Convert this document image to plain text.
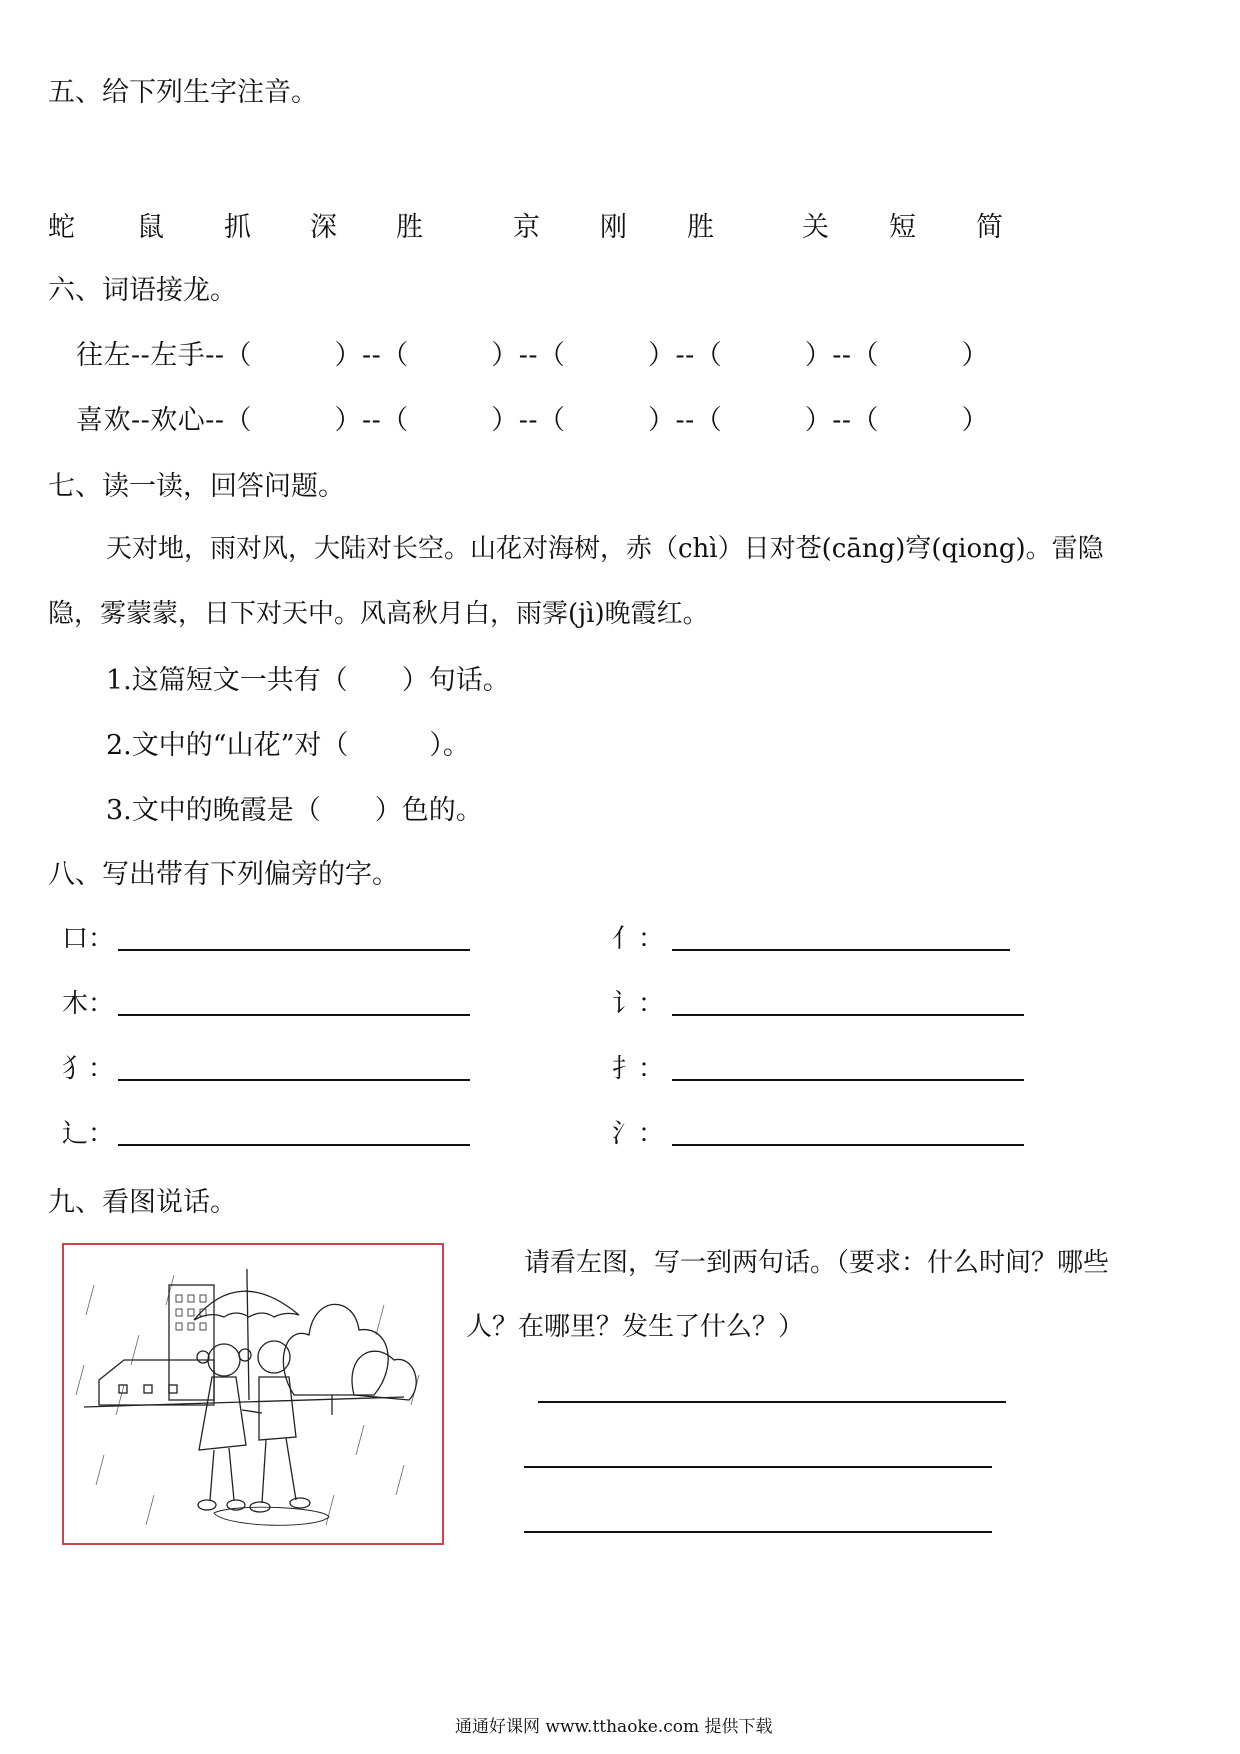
五、给下列生字注音。
蛇 鼠 抓 深 胜	京 刚 胜	关 短 简
六、词语接龙。
往左--左手--（　　　）--（　　　）--（　　　）--（　　　）--（　　　）
喜欢--欢心--（　　　）--（　　　）--（　　　）--（　　　）--（　　　）
七、读一读，回答问题。
天对地，雨对风，大陆对长空。山花对海树，赤（chì）日对苍(cāng)穹(qiong)。雷隐
隐，雾蒙蒙，日下对天中。风高秋月白，雨霁(jì)晚霞红。
1.这篇短文一共有（　　）句话。
2.文中的“山花”对（　　　）。
3.文中的晚霞是（　　）色的。
八、写出带有下列偏旁的字。
口：	亻：
木：	讠：
犭：	扌：
辶：	氵：
九、看图说话。
请看左图，写一到两句话。（要求：什么时间？哪些
人？在哪里？发生了什么？）
通通好课网 www.tthaoke.com 提供下载
